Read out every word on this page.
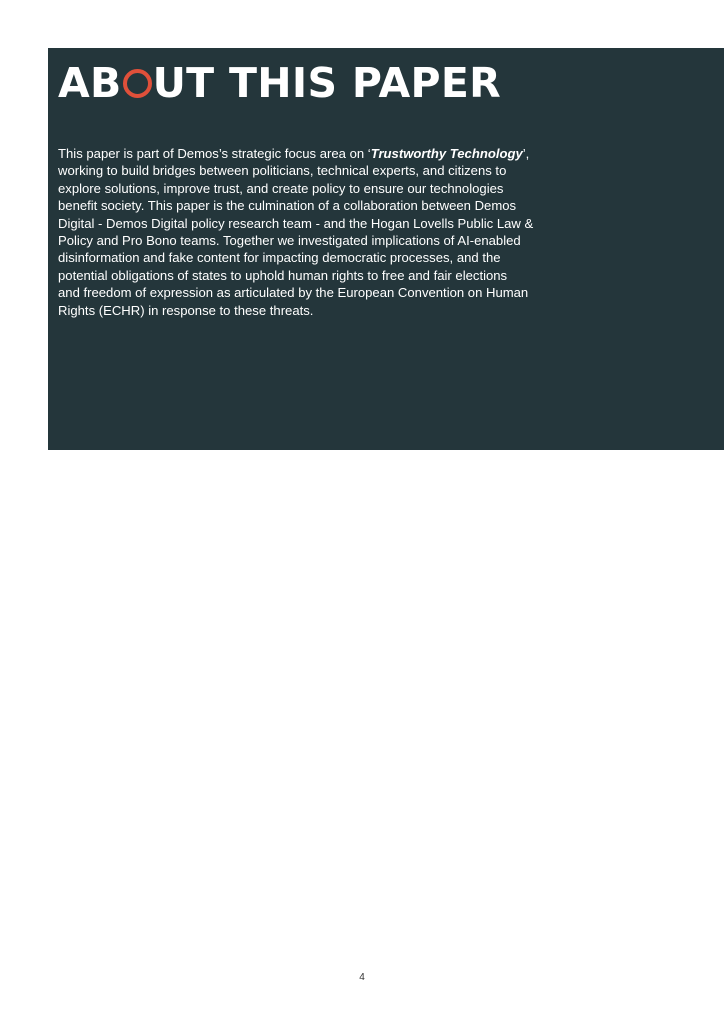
AB UT THIS PAPER

This paper is part of Demos’s strategic focus area on ‘Trustworthy Technology’,
working to build bridges between politicians, technical experts, and citizens to
explore solutions, improve trust, and create policy to ensure our technologies
benefit society. This paper is the culmination of a collaboration between Demos
Digital - Demos Digital policy research team - and the Hogan Lovells Public Law &
Policy and Pro Bono teams. Together we investigated implications of AI-enabled
disinformation and fake content for impacting democratic processes, and the
potential obligations of states to uphold human rights to free and fair elections
and freedom of expression as articulated by the European Convention on Human
Rights (ECHR) in response to these threats.

4
